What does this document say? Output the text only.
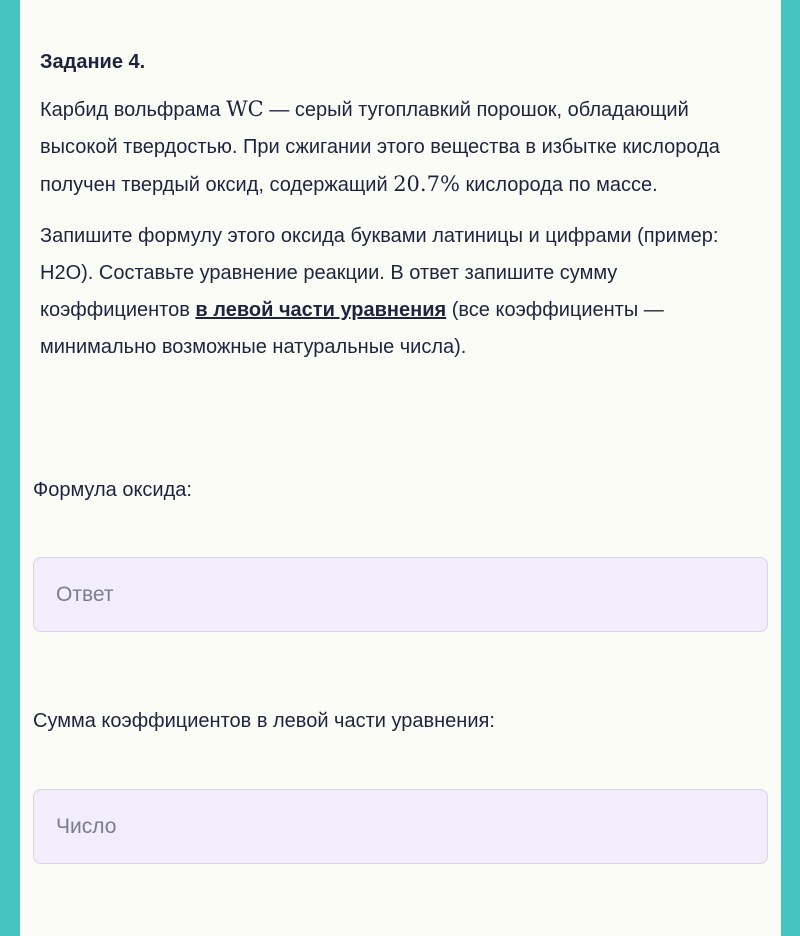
Задание 4.
Карбид вольфрама WC — серый тугоплавкий порошок, обладающий высокой твердостью. При сжигании этого вещества в избытке кислорода получен твердый оксид, содержащий 20.7% кислорода по массе.
Запишите формулу этого оксида буквами латиницы и цифрами (пример: H2O). Составьте уравнение реакции. В ответ запишите сумму коэффициентов в левой части уравнения (все коэффициенты — минимально возможные натуральные числа).
Формула оксида:
Ответ
Сумма коэффициентов в левой части уравнения:
Число
